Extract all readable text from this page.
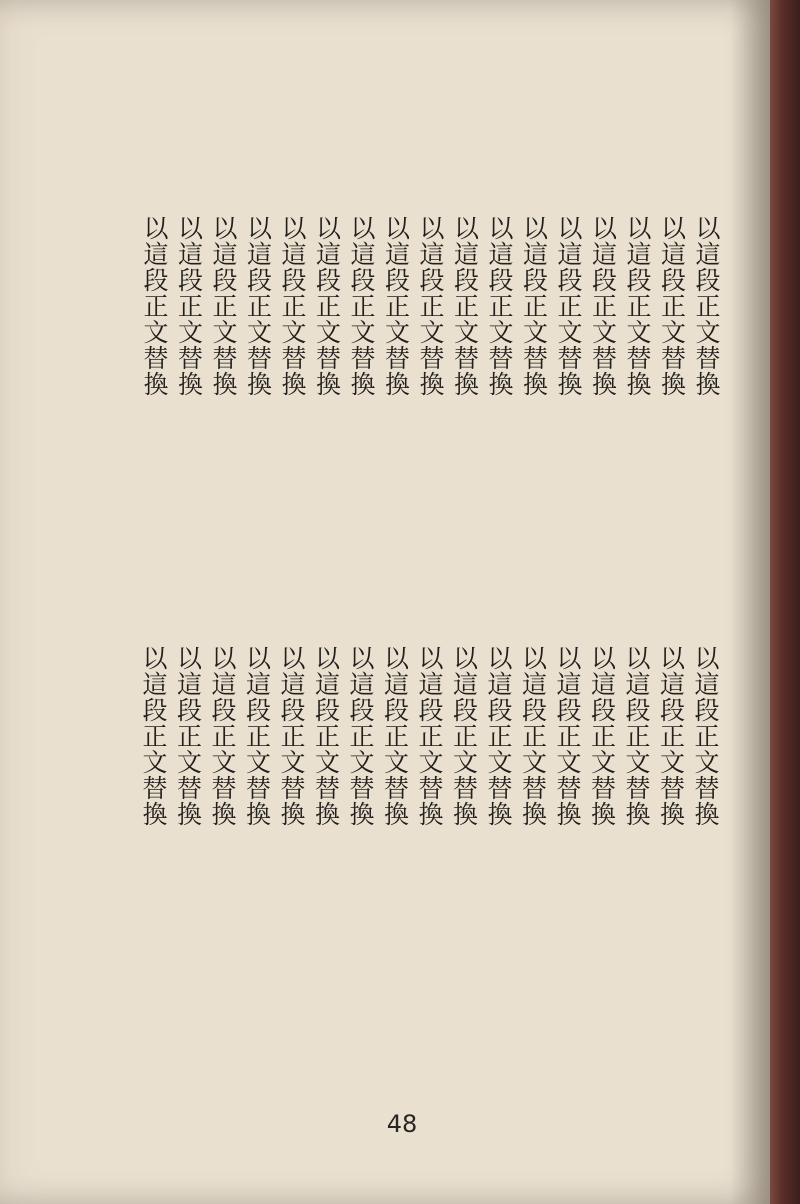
以這段正文替換
以這段正文替換
以這段正文替換
以這段正文替換
以這段正文替換
以這段正文替換
以這段正文替換
以這段正文替換
以這段正文替換
以這段正文替換
以這段正文替換
以這段正文替換
以這段正文替換
以這段正文替換
以這段正文替換
以這段正文替換
以這段正文替換
以這段正文替換
以這段正文替換
以這段正文替換
以這段正文替換
以這段正文替換
以這段正文替換
以這段正文替換
以這段正文替換
以這段正文替換
以這段正文替換
以這段正文替換
以這段正文替換
以這段正文替換
以這段正文替換
以這段正文替換
以這段正文替換
以這段正文替換
48
